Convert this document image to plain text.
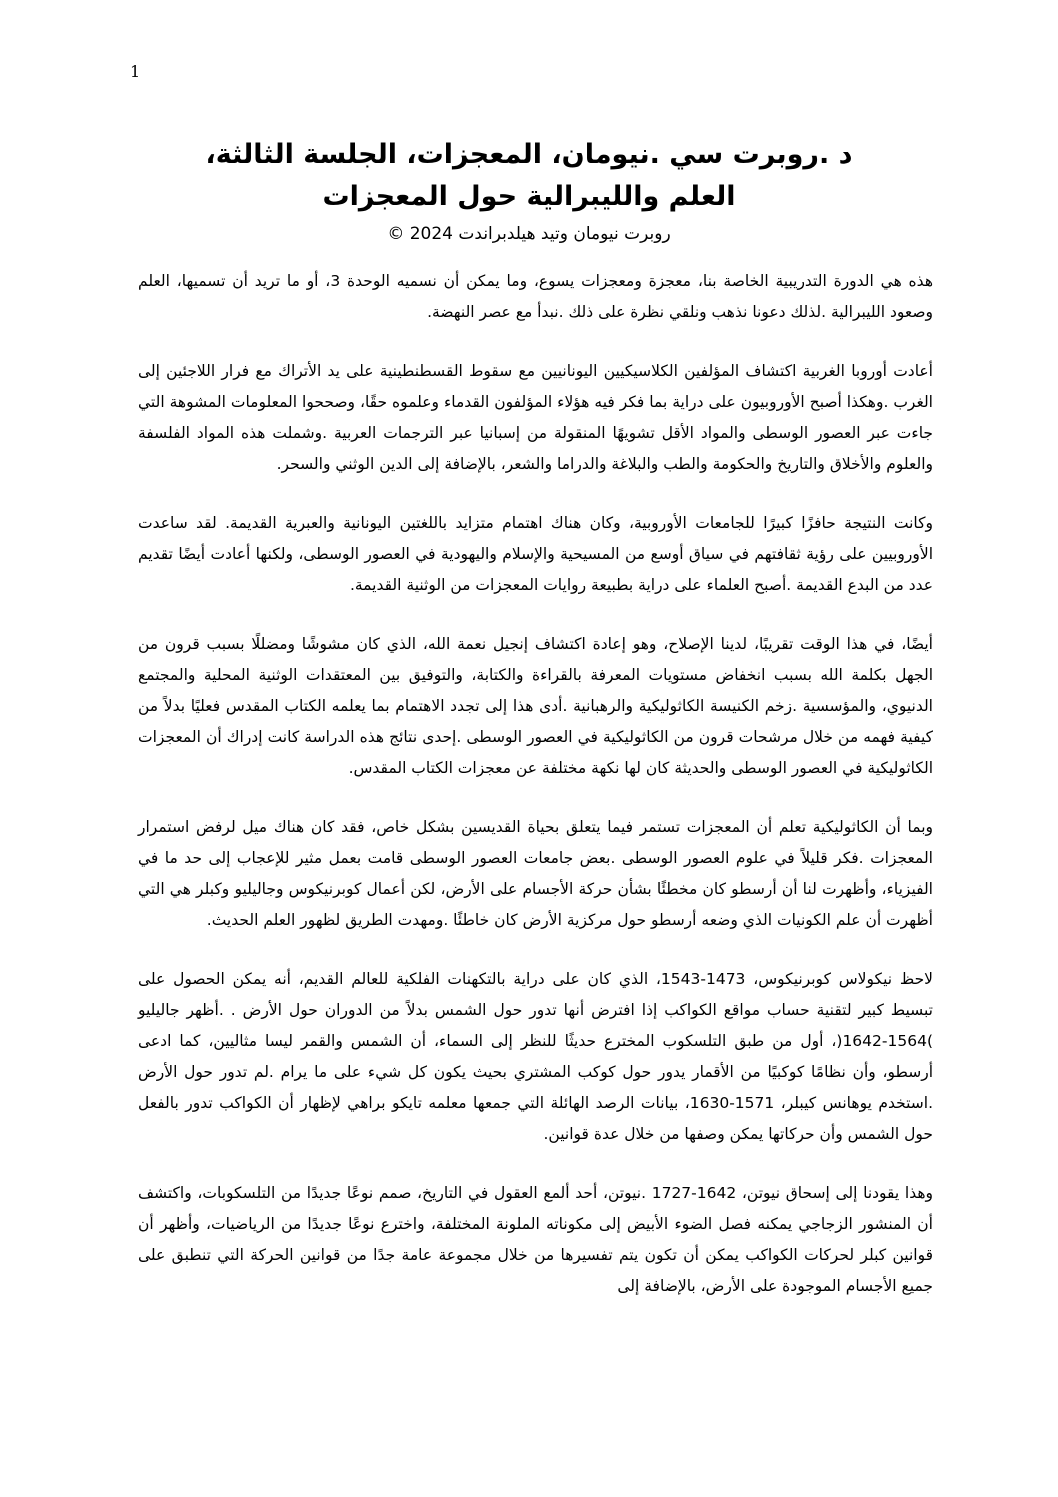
1
د .روبرت سي .نيومان، المعجزات، الجلسة الثالثة،
العلم والليبرالية حول المعجزات

روبرت نيومان وتيد هيلدبراندت 2024 ©

هذه هي الدورة التدريبية الخاصة بنا، معجزة ومعجزات يسوع، وما يمكن أن نسميه الوحدة 3، أو ما تريد أن تسميها، العلم وصعود الليبرالية .لذلك دعونا نذهب ونلقي نظرة على ذلك .نبدأ مع عصر النهضة.

أعادت أوروبا الغربية اكتشاف المؤلفين الكلاسيكيين اليونانيين مع سقوط القسطنطينية على يد الأتراك مع فرار اللاجئين إلى الغرب .وهكذا أصبح الأوروبيون على دراية بما فكر فيه هؤلاء المؤلفون القدماء وعلموه حقًا، وصححوا المعلومات المشوهة التي جاءت عبر العصور الوسطى والمواد الأقل تشويهًا المنقولة من إسبانيا عبر الترجمات العربية .وشملت هذه المواد الفلسفة والعلوم والأخلاق والتاريخ والحكومة والطب والبلاغة والدراما والشعر، بالإضافة إلى الدين الوثني والسحر.

وكانت النتيجة حافزًا كبيرًا للجامعات الأوروبية، وكان هناك اهتمام متزايد باللغتين اليونانية والعبرية القديمة. لقد ساعدت الأوروبيين على رؤية ثقافتهم في سياق أوسع من المسيحية والإسلام واليهودية في العصور الوسطى، ولكنها أعادت أيضًا تقديم عدد من البدع القديمة .أصبح العلماء على دراية بطبيعة روايات المعجزات من الوثنية القديمة.

أيضًا، في هذا الوقت تقريبًا، لدينا الإصلاح، وهو إعادة اكتشاف إنجيل نعمة الله، الذي كان مشوشًا ومضللًا بسبب قرون من الجهل بكلمة الله بسبب انخفاض مستويات المعرفة بالقراءة والكتابة، والتوفيق بين المعتقدات الوثنية المحلية والمجتمع الدنيوي، والمؤسسية .زخم الكنيسة الكاثوليكية والرهبانية .أدى هذا إلى تجدد الاهتمام بما يعلمه الكتاب المقدس فعليًا بدلاً من كيفية فهمه من خلال مرشحات قرون من الكاثوليكية في العصور الوسطى .إحدى نتائج هذه الدراسة كانت إدراك أن المعجزات الكاثوليكية في العصور الوسطى والحديثة كان لها نكهة مختلفة عن معجزات الكتاب المقدس.

وبما أن الكاثوليكية تعلم أن المعجزات تستمر فيما يتعلق بحياة القديسين بشكل خاص، فقد كان هناك ميل لرفض استمرار المعجزات .فكر قليلاً في علوم العصور الوسطى .بعض جامعات العصور الوسطى قامت بعمل مثير للإعجاب إلى حد ما في الفيزياء، وأظهرت لنا أن أرسطو كان مخطئًا بشأن حركة الأجسام على الأرض، لكن أعمال كوبرنيكوس وجاليليو وكبلر هي التي أظهرت أن علم الكونيات الذي وضعه أرسطو حول مركزية الأرض كان خاطئًا .ومهدت الطريق لظهور العلم الحديث.

لاحظ نيكولاس كوبرنيكوس، 1473-1543، الذي كان على دراية بالتكهنات الفلكية للعالم القديم، أنه يمكن الحصول على تبسيط كبير لتقنية حساب مواقع الكواكب إذا افترض أنها تدور حول الشمس بدلاً من الدوران حول الأرض . .أظهر جاليليو )1564-1642(، أول من طبق التلسكوب المخترع حديثًا للنظر إلى السماء، أن الشمس والقمر ليسا مثاليين، كما ادعى أرسطو، وأن نظامًا كوكبيًا من الأقمار يدور حول كوكب المشتري بحيث يكون كل شيء على ما يرام .لم تدور حول الأرض .استخدم يوهانس كيبلر، 1571-1630، بيانات الرصد الهائلة التي جمعها معلمه تايكو براهي لإظهار أن الكواكب تدور بالفعل حول الشمس وأن حركاتها يمكن وصفها من خلال عدة قوانين.

وهذا يقودنا إلى إسحاق نيوتن، 1642-1727 .نيوتن، أحد ألمع العقول في التاريخ، صمم نوعًا جديدًا من التلسكوبات، واكتشف أن المنشور الزجاجي يمكنه فصل الضوء الأبيض إلى مكوناته الملونة المختلفة، واخترع نوعًا جديدًا من الرياضيات، وأظهر أن قوانين كبلر لحركات الكواكب يمكن أن تكون يتم تفسيرها من خلال مجموعة عامة جدًا من قوانين الحركة التي تنطبق على جميع الأجسام الموجودة على الأرض، بالإضافة إلى
